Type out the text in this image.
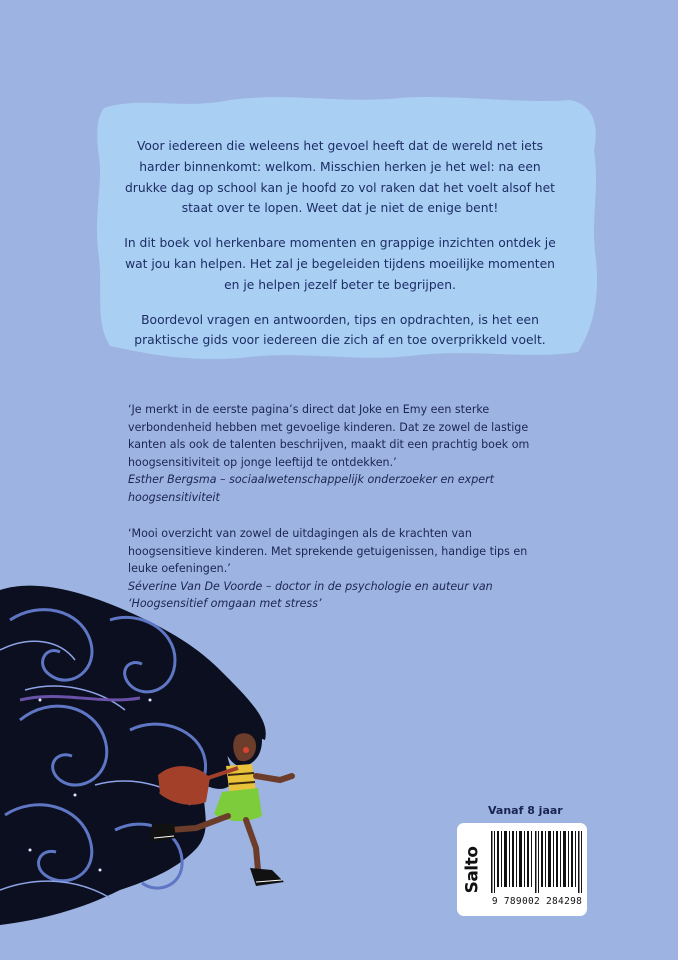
Voor iedereen die weleens het gevoel heeft dat de wereld net iets harder binnenkomt: welkom. Misschien herken je het wel: na een drukke dag op school kan je hoofd zo vol raken dat het voelt alsof het staat over te lopen. Weet dat je niet de enige bent!

In dit boek vol herkenbare momenten en grappige inzichten ontdek je wat jou kan helpen. Het zal je begeleiden tijdens moeilijke momenten en je helpen jezelf beter te begrijpen.

Boordevol vragen en antwoorden, tips en opdrachten, is het een praktische gids voor iedereen die zich af en toe overprikkeld voelt.

‘Je merkt in de eerste pagina’s direct dat Joke en Emy een sterke verbondenheid hebben met gevoelige kinderen. Dat ze zowel de lastige kanten als ook de talenten beschrijven, maakt dit een prachtig boek om hoogsensitiviteit op jonge leeftijd te ontdekken.’

Esther Bergsma – sociaalwetenschappelijk onderzoeker en expert hoogsensitiviteit

‘Mooi overzicht van zowel de uitdagingen als de krachten van hoogsensitieve kinderen. Met sprekende getuigenissen, handige tips en leuke oefeningen.’

Séverine Van De Voorde – doctor in de psychologie en auteur van ‘Hoogsensitief omgaan met stress’

Vanaf 8 jaar
Salto
9 789002 284298
